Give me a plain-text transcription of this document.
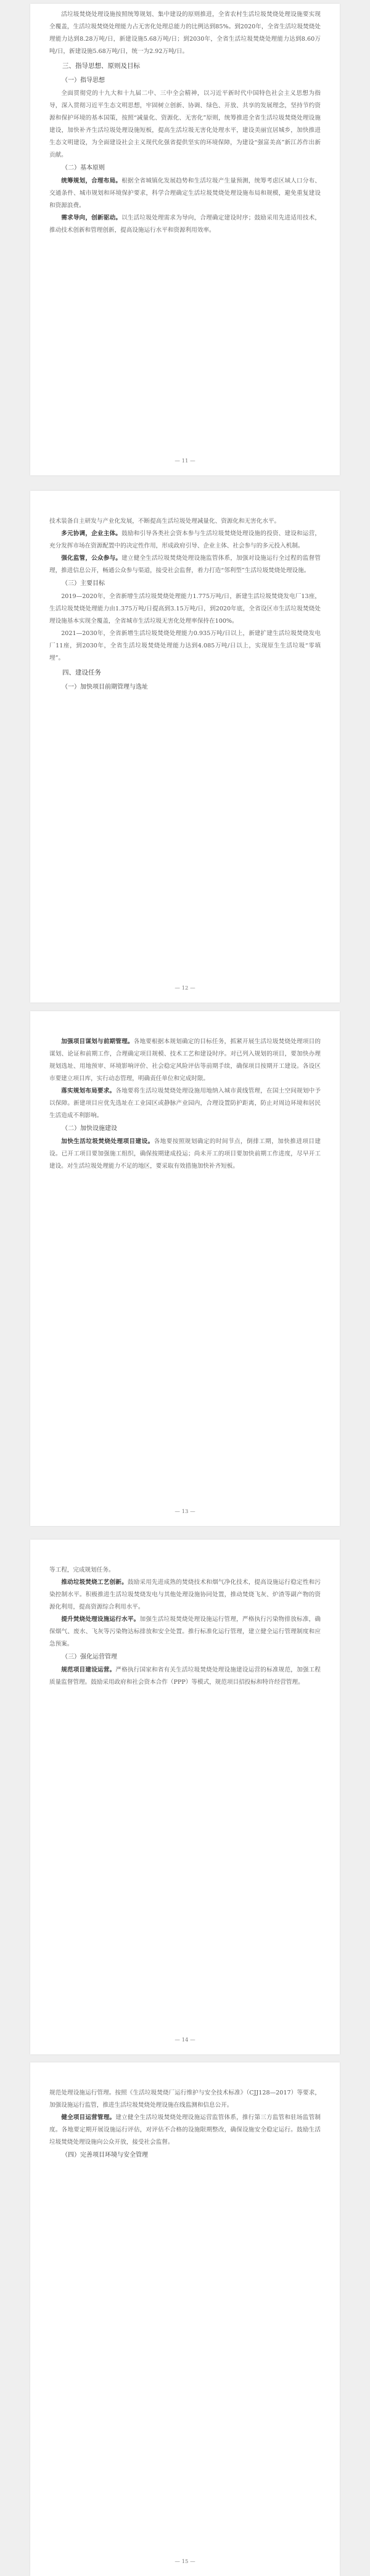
活垃圾焚烧处理设施按照统筹规划、集中建设的原则推进，全省农村生活垃圾焚烧处理设施要实现全覆盖，生活垃圾焚烧处理能力占无害化处理总能力的比例达到85%。到2020年，全省生活垃圾焚烧处理能力达到8.28万吨/日，新建设施5.68万吨/日；到2030年，全省生活垃圾焚烧处理能力达到8.60万吨/日，新建设施5.68万吨/日，统一为2.92万吨/日。

三、指导思想、原则及目标

（一）指导思想

全面贯彻党的十九大和十九届二中、三中全会精神，以习近平新时代中国特色社会主义思想为指导，深入贯彻习近平生态文明思想，牢固树立创新、协调、绿色、开放、共享的发展理念，坚持节约资源和保护环境的基本国策，按照“减量化、资源化、无害化”原则，统筹推进全省生活垃圾焚烧处理设施建设，加快补齐生活垃圾处理设施短板，提高生活垃圾无害化处理水平，建设美丽宜居城乡，加快推进生态文明建设，为全面建设社会主义现代化强省提供坚实的环境保障，为建设“强富美高”新江苏作出新贡献。

（二）基本原则

统筹规划，合理布局。根据全省城镇化发展趋势和生活垃圾产生量预测，统筹考虑区域人口分布、交通条件、城市规划和环境保护要求，科学合理确定生活垃圾焚烧处理设施布局和规模，避免重复建设和资源浪费。

需求导向，创新驱动。以生活垃圾处理需求为导向，合理确定建设时序；鼓励采用先进适用技术，推动技术创新和管理创新，提高设施运行水平和资源利用效率。

— 11 —

技术装备自主研发与产业化发展，不断提高生活垃圾处理减量化、资源化和无害化水平。

多元协调，企业主体。鼓励和引导各类社会资本参与生活垃圾焚烧处理设施的投资、建设和运营，充分发挥市场在资源配置中的决定性作用，形成政府引导、企业主体、社会参与的多元投入机制。

强化监管，公众参与。建立健全生活垃圾焚烧处理设施监管体系，加强对设施运行全过程的监督管理，推进信息公开，畅通公众参与渠道，接受社会监督，着力打造“邻利型”生活垃圾焚烧处理设施。

（三）主要目标

2019—2020年，全省新增生活垃圾焚烧处理能力1.775万吨/日，新建生活垃圾焚烧发电厂13座，生活垃圾焚烧处理能力由1.375万吨/日提高到3.15万吨/日，到2020年底，全省设区市生活垃圾焚烧处理设施基本实现全覆盖，全省城市生活垃圾无害化处理率保持在100%。

2021—2030年，全省新增生活垃圾焚烧处理能力0.935万吨/日以上，新建扩建生活垃圾焚烧发电厂11座，到2030年，全省生活垃圾焚烧处理能力达到4.085万吨/日以上，实现原生生活垃圾“零填埋”。

四、建设任务

（一）加快项目前期管理与选址

— 12 —

加强项目谋划与前期管理。各地要根据本规划确定的目标任务，抓紧开展生活垃圾焚烧处理项目的谋划、论证和前期工作，合理确定项目规模、技术工艺和建设时序。对已列入规划的项目，要加快办理规划选址、用地预审、环境影响评价、社会稳定风险评估等前期手续，确保项目按期开工建设。各设区市要建立项目库，实行动态管理，明确责任单位和完成时限。

落实规划布局要求。各地要将生活垃圾焚烧处理设施用地纳入城市黄线管理，在国土空间规划中予以保障。新建项目应优先选址在工业园区或静脉产业园内，合理设置防护距离，防止对周边环境和居民生活造成不利影响。

（二）加快设施建设

加快生活垃圾焚烧处理项目建设。各地要按照规划确定的时间节点，倒排工期，加快推进项目建设。已开工项目要加强施工组织，确保按期建成投运；尚未开工的项目要加快前期工作进度，尽早开工建设。对生活垃圾处理能力不足的地区，要采取有效措施加快补齐短板。

— 13 —

等工程，完成规划任务。

推动垃圾焚烧工艺创新。鼓励采用先进成熟的焚烧技术和烟气净化技术，提高设施运行稳定性和污染控制水平。积极推进生活垃圾焚烧发电与其他处理设施协同处置，推动焚烧飞灰、炉渣等副产物的资源化利用，提高资源综合利用水平。

提升焚烧处理设施运行水平。加强生活垃圾焚烧处理设施运行管理，严格执行污染物排放标准，确保烟气、废水、飞灰等污染物达标排放和安全处置。推行标准化运行管理，建立健全运行管理制度和应急预案。

（三）强化运营管理

规范项目建设运营。严格执行国家和省有关生活垃圾焚烧处理设施建设运营的标准规范，加强工程质量监督管理。鼓励采用政府和社会资本合作（PPP）等模式，规范项目招投标和特许经营管理。

— 14 —

规范处理设施运行管理。按照《生活垃圾焚烧厂运行维护与安全技术标准》（CJJ128—2017）等要求，加强设施运行监管，推进生活垃圾焚烧处理设施在线监测和信息公开。

健全项目运营管理。建立健全生活垃圾焚烧处理设施运营监管体系，推行第三方监管和驻场监管制度。各地要定期开展设施运行评估，对评估不合格的设施限期整改，确保设施安全稳定运行。鼓励生活垃圾焚烧处理设施向公众开放，接受社会监督。

（四）完善项目环境与安全管理

— 15 —
